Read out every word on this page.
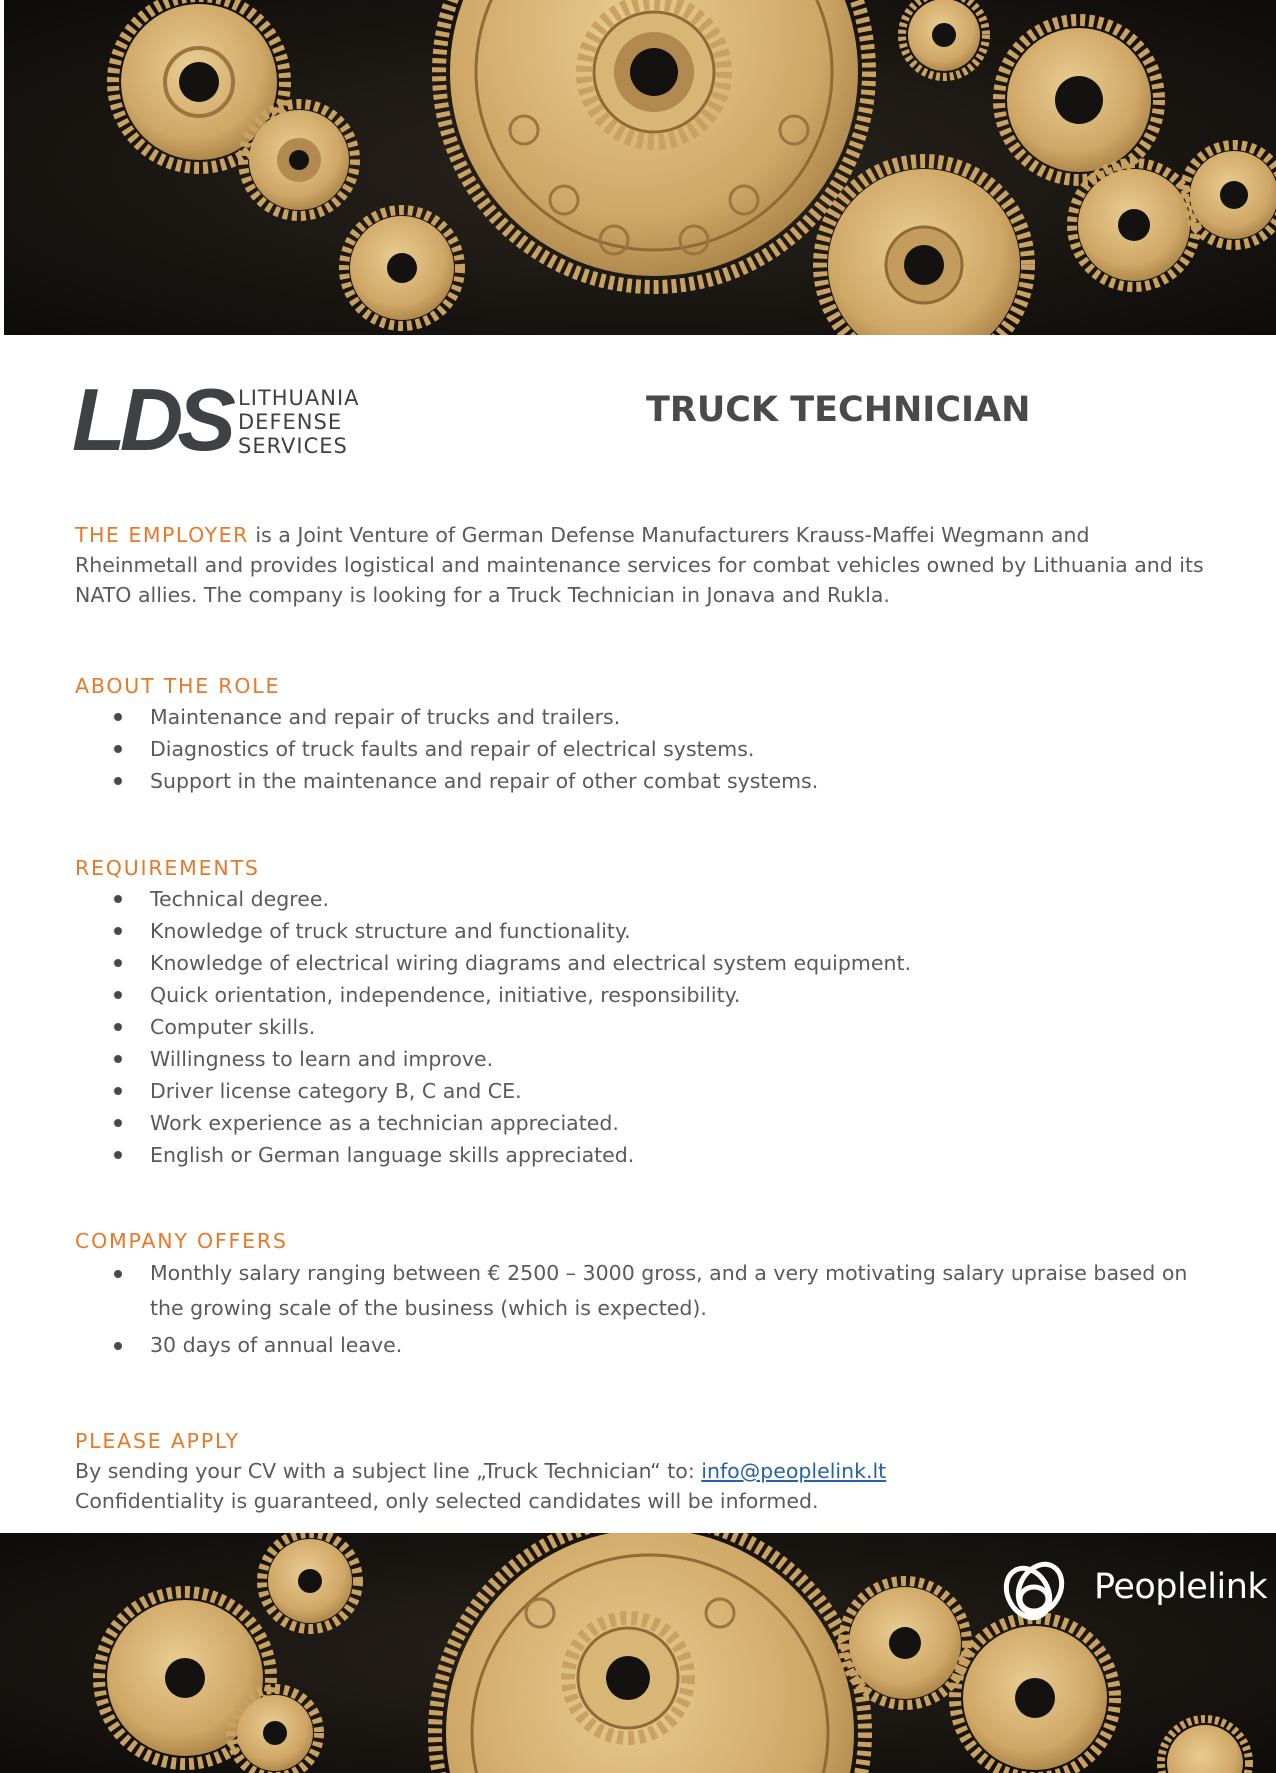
LDS LITHUANIA
DEFENSE
SERVICES
TRUCK TECHNICIAN
THE EMPLOYER is a Joint Venture of German Defense Manufacturers Krauss-Maffei Wegmann and Rheinmetall and provides logistical and maintenance services for combat vehicles owned by Lithuania and its NATO allies. The company is looking for a Truck Technician in Jonava and Rukla.
ABOUT THE ROLE
Maintenance and repair of trucks and trailers.
Diagnostics of truck faults and repair of electrical systems.
Support in the maintenance and repair of other combat systems.
REQUIREMENTS
Technical degree.
Knowledge of truck structure and functionality.
Knowledge of electrical wiring diagrams and electrical system equipment.
Quick orientation, independence, initiative, responsibility.
Computer skills.
Willingness to learn and improve.
Driver license category B, C and CE.
Work experience as a technician appreciated.
English or German language skills appreciated.
COMPANY OFFERS
Monthly salary ranging between € 2500 – 3000 gross, and a very motivating salary upraise based on the growing scale of the business (which is expected).
30 days of annual leave.
PLEASE APPLY
By sending your CV with a subject line „Truck Technician“ to: info@peoplelink.lt
Confidentiality is guaranteed, only selected candidates will be informed.
Peoplelink
